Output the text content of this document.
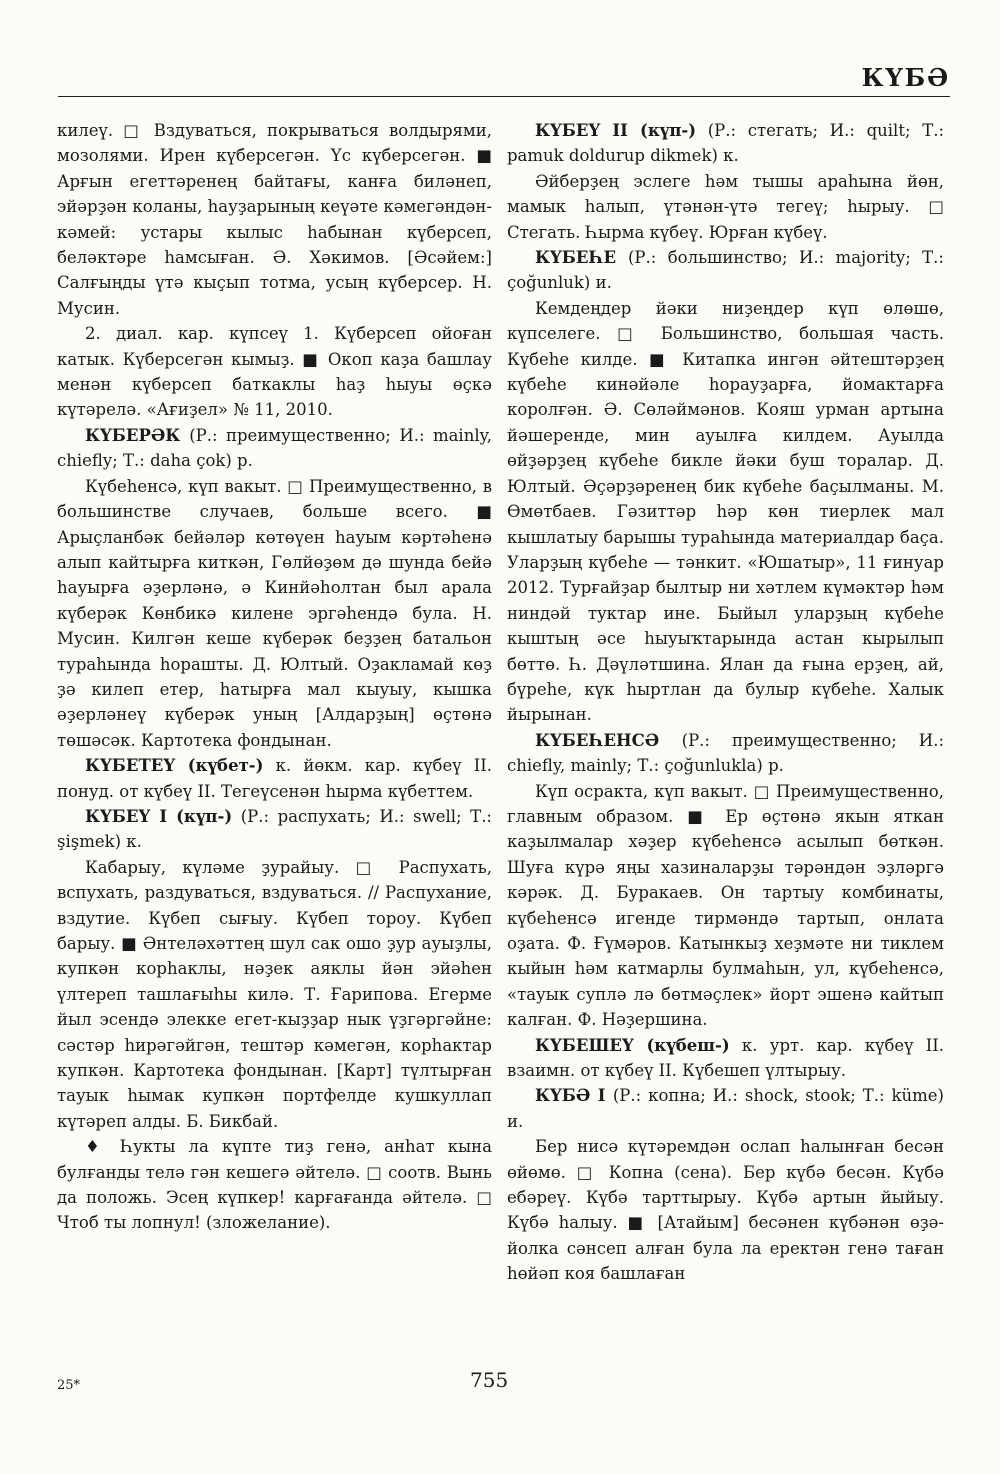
КҮБӘ

килеү. □ Вздуваться, покрываться волдырями, мозолями. Ирен күберсегән. Үс күберсегән. ■ Арғын егеттәренең байтағы, канға биләнеп, эйәрҙән коланы, һауҙарының кеүәте кәмегәндән-кәмей: устары кылыс һабынан күберсеп, беләктәре һамсыған. Ә. Хәкимов. [Әсәйем:] Салғыңды үтә кыҫып тотма, усың күберсер. Н. Мусин.

2. диал. кар. күпсеү 1. Күберсеп ойоған катык. Күберсегән кымыҙ. ■ Окоп каҙа башлау менән күберсеп баткаклы һаҙ һыуы өҫкә күтәрелә. «Ағиҙел» № 11, 2010.

КҮБЕРӘК (Р.: преимущественно; И.: mainly, chiefly; Т.: daha çok) р.

Күбеһенсә, күп вакыт. □ Преимущественно, в большинстве случаев, больше всего. ■ Арыҫланбәк бейәләр көтөүен һауым кәртәһенә алып кайтырға киткән, Гөлйөҙөм дә шунда бейә һауырға әҙерләнә, ә Кинйәһолтан был арала күберәк Көнбикә килене эргәһендә була. Н. Мусин. Килгән кеше күберәк беҙҙең батальон тураһында һорашты. Д. Юлтый. Оҙакламай көҙ ҙә килеп етер, һатырға мал кыуыу, кышка әҙерләнеү күберәк уның [Алдарҙың] өҫтөнә төшәсәк. Картотека фондынан.

КҮБЕТЕҮ (күбет-) к. йөкм. кар. күбеү II. понуд. от күбеү II. Тегеүсенән һырма күбеттем.

КҮБЕҮ I (күп-) (Р.: распухать; И.: swell; Т.: şişmek) к.

Кабарыу, күләме ҙурайыу. □ Распухать, вспухать, раздуваться, вздуваться. // Распухание, вздутие. Күбеп сығыу. Күбеп тороу. Күбеп барыу. ■ Әнтеләхәттең шул сак ошо ҙур ауыҙлы, купкән корһаклы, нәҙек аяклы йән эйәһен үлтереп ташлағыһы килә. Т. Ғарипова. Егерме йыл эсендә элекке егет-кыҙҙар нык үҙгәргәйне: сәстәр һирәгәйгән, тештәр кәмегән, корһактар купкән. Картотека фондынан. [Карт] түлтырған тауык һымак купкән портфелде кушкуллап күтәреп алды. Б. Бикбай.

♦ Һукты ла күпте тиҙ генә, анһат кына булғанды телә гән кешегә әйтелә. □ соотв. Вынь да положь. Эсең күпкер! карғағанда әйтелә. □ Чтоб ты лопнул! (зложелание).

КҮБЕҮ II (күп-) (Р.: стегать; И.: quilt; Т.: pamuk doldurup dikmek) к.

Әйберҙең эслеге һәм тышы араһына йөн, мамык һалып, үтәнән-үтә тегеү; һырыу. □ Стегать. Һырма күбеү. Юрған күбеү.

КҮБЕҺЕ (Р.: большинство; И.: majority; Т.: çoğunluk) и.

Кемдеңдер йәки ниҙеңдер күп өлөшө, күпселеге. □ Большинство, большая часть. Күбеһе килде. ■ Китапка ингән әйтештәрҙең күбеһе кинәйәле һорауҙарға, йомактарға королғән. Ә. Сөләймәнов. Кояш урман артына йәшеренде, мин ауылға килдем. Ауылда өйҙәрҙең күбеһе бикле йәки буш торалар. Д. Юлтый. Әҫәрҙәренең бик күбеһе баҫылманы. М. Өмөтбаев. Гәзиттәр һәр көн тиерлек мал кышлатыу барышы тураһында материалдар баҫа. Уларҙың күбеһе — тәнкит. «Юшатыр», 11 ғинуар 2012. Турғайҙар былтыр ни хәтлем күмәктәр һәм ниндәй туктар ине. Быйыл уларҙың күбеһе кыштың әсе һыуыҡтарында астан кырылып бөттө. Һ. Дәүләтшина. Ялан да ғына ерҙең, ай, бүреһе, күк һыртлан да булыр күбеһе. Халык йырынан.

КҮБЕҺЕНСӘ (Р.: преимущественно; И.: chiefly, mainly; Т.: çoğunlukla) р.

Күп осракта, күп вакыт. □ Преимущественно, главным образом. ■ Ер өҫтөнә якын яткан каҙылмалар хәҙер күбеһенсә асылып бөткән. Шуға күрә яңы хазиналарҙы тәрәндән эҙләргә кәрәк. Д. Буракаев. Он тартыу комбинаты, күбеһенсә игенде тирмәндә тартып, онлата оҙата. Ф. Ғүмәров. Катынкыҙ хеҙмәте ни тиклем кыйын һәм катмарлы булмаһын, ул, күбеһенсә, «тауык суплә лә бөтмәҫлек» йорт эшенә кайтып калған. Ф. Нәҙершина.

КҮБЕШЕҮ (күбеш-) к. урт. кар. күбеү II. взаимн. от күбеү II. Күбешеп үлтырыу.

КҮБӘ I (Р.: копна; И.: shock, stook; Т.: küme) и.

Бер нисә күтәремдән ослап һалынған бесән өйөмө. □ Копна (сена). Бер күбә бесән. Күбә ебәреү. Күбә тарттырыу. Күбә артын йыйыу. Күбә һалыу. ■ [Атайым] бесәнен күбәнән өҙә-йолка сәнсеп алған була ла еректән генә таған һөйәп коя башлаған

25*	755
